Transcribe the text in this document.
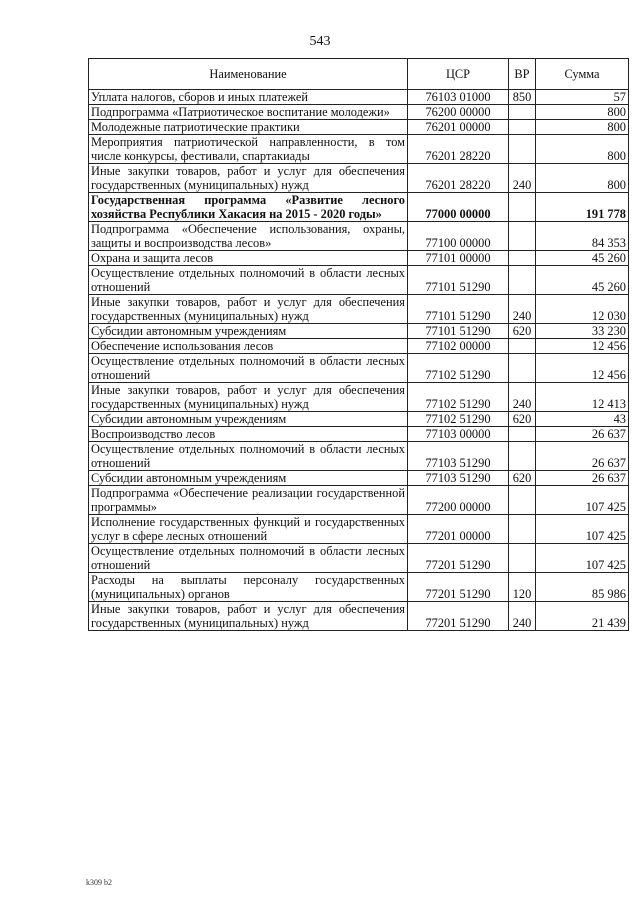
543
Наименование	ЦСР	ВР	Сумма
Уплата налогов, сборов и иных платежей	76103 01000	850	57
Подпрограмма «Патриотическое воспитание молодежи»	76200 00000		800
Молодежные патриотические практики	76201 00000		800
Мероприятия патриотической направленности, в том числе конкурсы, фестивали, спартакиады	76201 28220		800
Иные закупки товаров, работ и услуг для обеспечения государственных (муниципальных) нужд	76201 28220	240	800
Государственная программа «Развитие лесного хозяйства Республики Хакасия на 2015 - 2020 годы»	77000 00000		191 778
Подпрограмма «Обеспечение использования, охраны, защиты и воспроизводства лесов»	77100 00000		84 353
Охрана и защита лесов	77101 00000		45 260
Осуществление отдельных полномочий в области лесных отношений	77101 51290		45 260
Иные закупки товаров, работ и услуг для обеспечения государственных (муниципальных) нужд	77101 51290	240	12 030
Субсидии автономным учреждениям	77101 51290	620	33 230
Обеспечение использования лесов	77102 00000		12 456
Осуществление отдельных полномочий в области лесных отношений	77102 51290		12 456
Иные закупки товаров, работ и услуг для обеспечения государственных (муниципальных) нужд	77102 51290	240	12 413
Субсидии автономным учреждениям	77102 51290	620	43
Воспроизводство лесов	77103 00000		26 637
Осуществление отдельных полномочий в области лесных отношений	77103 51290		26 637
Субсидии автономным учреждениям	77103 51290	620	26 637
Подпрограмма «Обеспечение реализации государственной программы»	77200 00000		107 425
Исполнение государственных функций и государственных услуг в сфере лесных отношений	77201 00000		107 425
Осуществление отдельных полномочий в области лесных отношений	77201 51290		107 425
Расходы на выплаты персоналу государственных (муниципальных) органов	77201 51290	120	85 986
Иные закупки товаров, работ и услуг для обеспечения государственных (муниципальных) нужд	77201 51290	240	21 439
k309 b2
